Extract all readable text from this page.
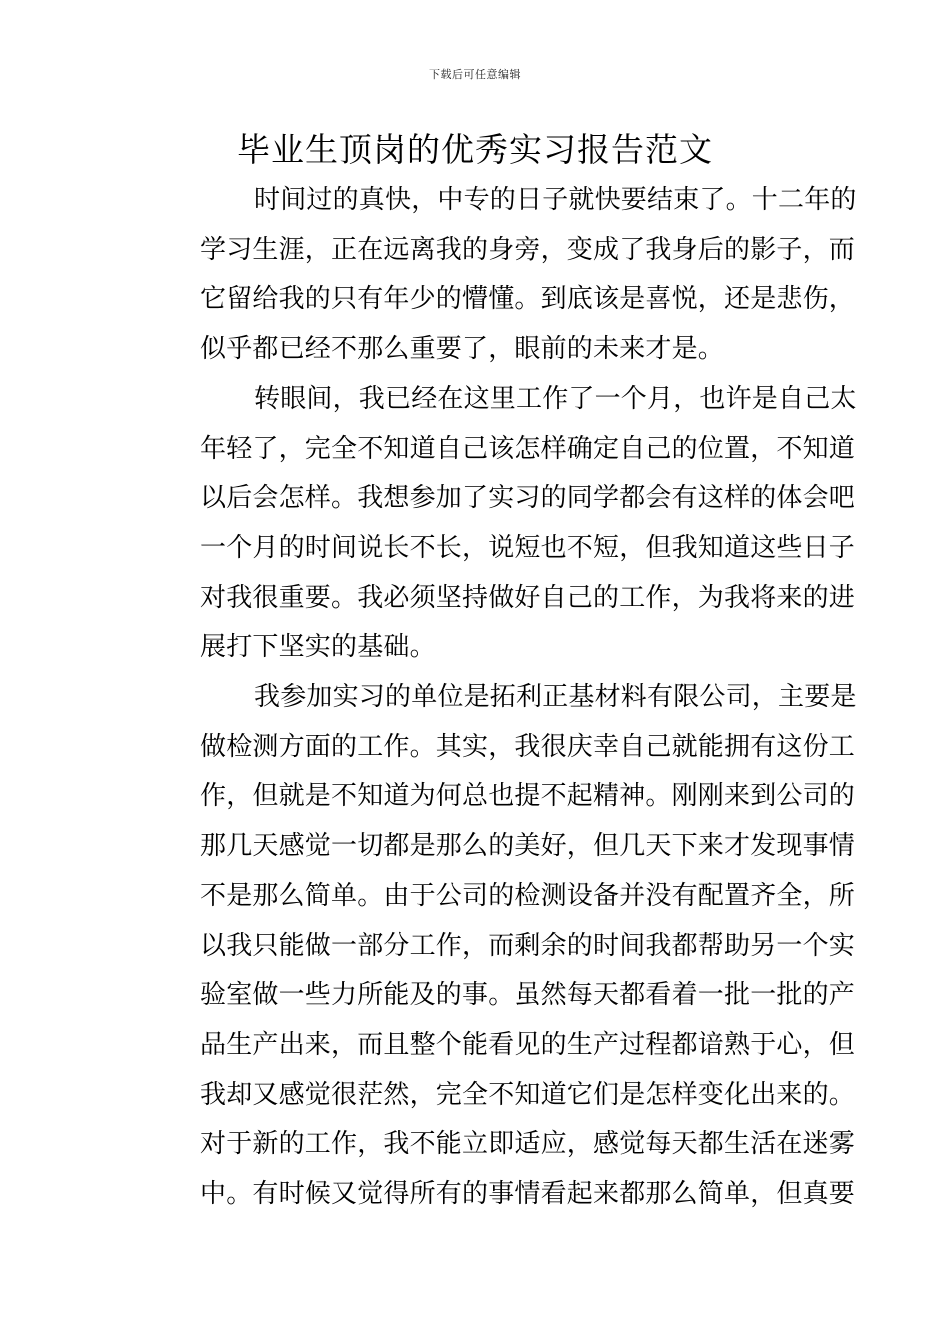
下载后可任意编辑
毕业生顶岗的优秀实习报告范文
时间过的真快，中专的日子就快要结束了。十二年的
学习生涯，正在远离我的身旁，变成了我身后的影子，而
它留给我的只有年少的懵懂。到底该是喜悦，还是悲伤，
似乎都已经不那么重要了，眼前的未来才是。
转眼间，我已经在这里工作了一个月，也许是自己太
年轻了，完全不知道自己该怎样确定自己的位置，不知道
以后会怎样。我想参加了实习的同学都会有这样的体会吧
一个月的时间说长不长，说短也不短，但我知道这些日子
对我很重要。我必须坚持做好自己的工作，为我将来的进
展打下坚实的基础。
我参加实习的单位是拓利正基材料有限公司，主要是
做检测方面的工作。其实，我很庆幸自己就能拥有这份工
作，但就是不知道为何总也提不起精神。刚刚来到公司的
那几天感觉一切都是那么的美好，但几天下来才发现事情
不是那么简单。由于公司的检测设备并没有配置齐全，所
以我只能做一部分工作，而剩余的时间我都帮助另一个实
验室做一些力所能及的事。虽然每天都看着一批一批的产
品生产出来，而且整个能看见的生产过程都谙熟于心，但
我却又感觉很茫然，完全不知道它们是怎样变化出来的。
对于新的工作，我不能立即适应，感觉每天都生活在迷雾
中。有时候又觉得所有的事情看起来都那么简单，但真要
